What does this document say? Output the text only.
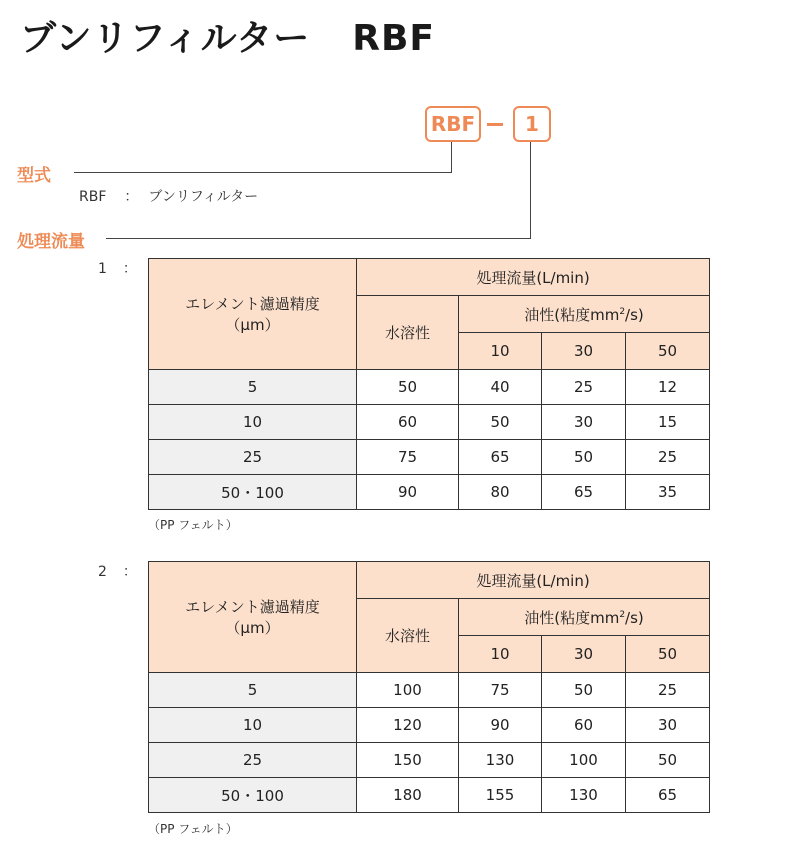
ブンリフィルター RBF
RBF	1
型式
処理流量
RBF ： ブンリフィルター
1 ：
エレメント濾過精度
（μm）	処理流量(L/min)			
	水溶性	油性(粘度$mm^2/s$)		
		10	30	50
5	50	40	25	12
10	60	50	30	15
25	75	65	50	25
50・100	90	80	65	35
（PP フェルト）
2 ：
エレメント濾過精度
（μm）	処理流量(L/min)			
	水溶性	油性(粘度$mm^2/s$)		
		10	30	50
5	100	75	50	25
10	120	90	60	30
25	150	130	100	50
50・100	180	155	130	65
（PP フェルト）
